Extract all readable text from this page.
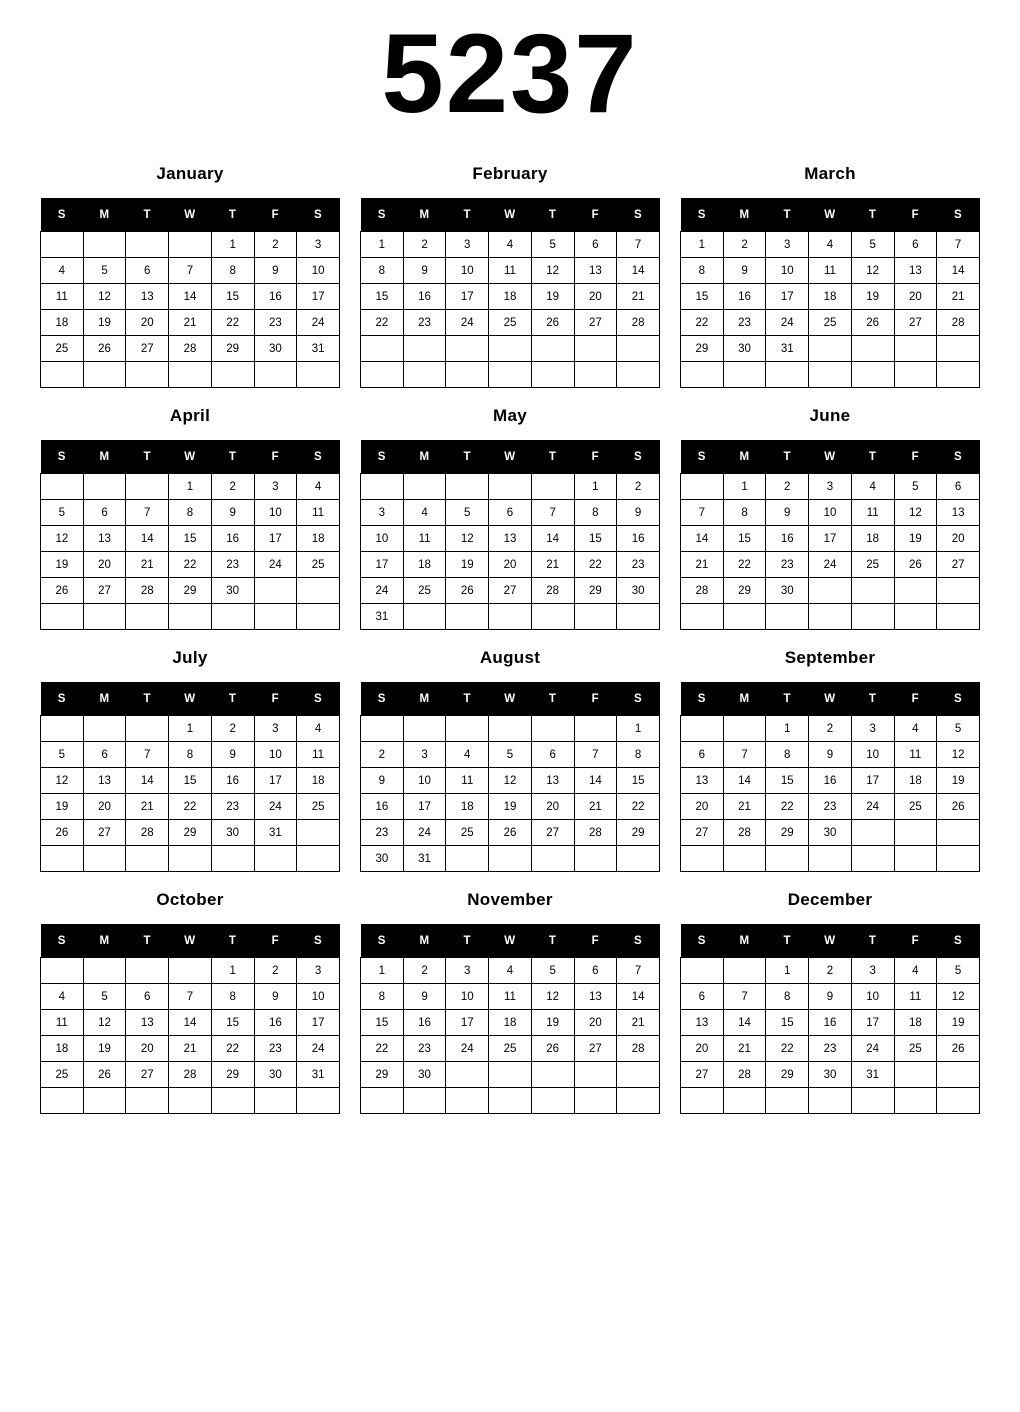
5237
January
S	M	T	W	T	F	S
				1	2	3
4	5	6	7	8	9	10
11	12	13	14	15	16	17
18	19	20	21	22	23	24
25	26	27	28	29	30	31

February
S	M	T	W	T	F	S
1	2	3	4	5	6	7
8	9	10	11	12	13	14
15	16	17	18	19	20	21
22	23	24	25	26	27	28

March
S	M	T	W	T	F	S
1	2	3	4	5	6	7
8	9	10	11	12	13	14
15	16	17	18	19	20	21
22	23	24	25	26	27	28
29	30	31				

April
S	M	T	W	T	F	S
			1	2	3	4
5	6	7	8	9	10	11
12	13	14	15	16	17	18
19	20	21	22	23	24	25
26	27	28	29	30		

May
S	M	T	W	T	F	S
					1	2
3	4	5	6	7	8	9
10	11	12	13	14	15	16
17	18	19	20	21	22	23
24	25	26	27	28	29	30
31						
June
S	M	T	W	T	F	S
	1	2	3	4	5	6
7	8	9	10	11	12	13
14	15	16	17	18	19	20
21	22	23	24	25	26	27
28	29	30				

July
S	M	T	W	T	F	S
			1	2	3	4
5	6	7	8	9	10	11
12	13	14	15	16	17	18
19	20	21	22	23	24	25
26	27	28	29	30	31	

August
S	M	T	W	T	F	S
						1
2	3	4	5	6	7	8
9	10	11	12	13	14	15
16	17	18	19	20	21	22
23	24	25	26	27	28	29
30	31					
September
S	M	T	W	T	F	S
		1	2	3	4	5
6	7	8	9	10	11	12
13	14	15	16	17	18	19
20	21	22	23	24	25	26
27	28	29	30			

October
S	M	T	W	T	F	S
				1	2	3
4	5	6	7	8	9	10
11	12	13	14	15	16	17
18	19	20	21	22	23	24
25	26	27	28	29	30	31

November
S	M	T	W	T	F	S
1	2	3	4	5	6	7
8	9	10	11	12	13	14
15	16	17	18	19	20	21
22	23	24	25	26	27	28
29	30					

December
S	M	T	W	T	F	S
		1	2	3	4	5
6	7	8	9	10	11	12
13	14	15	16	17	18	19
20	21	22	23	24	25	26
27	28	29	30	31		
